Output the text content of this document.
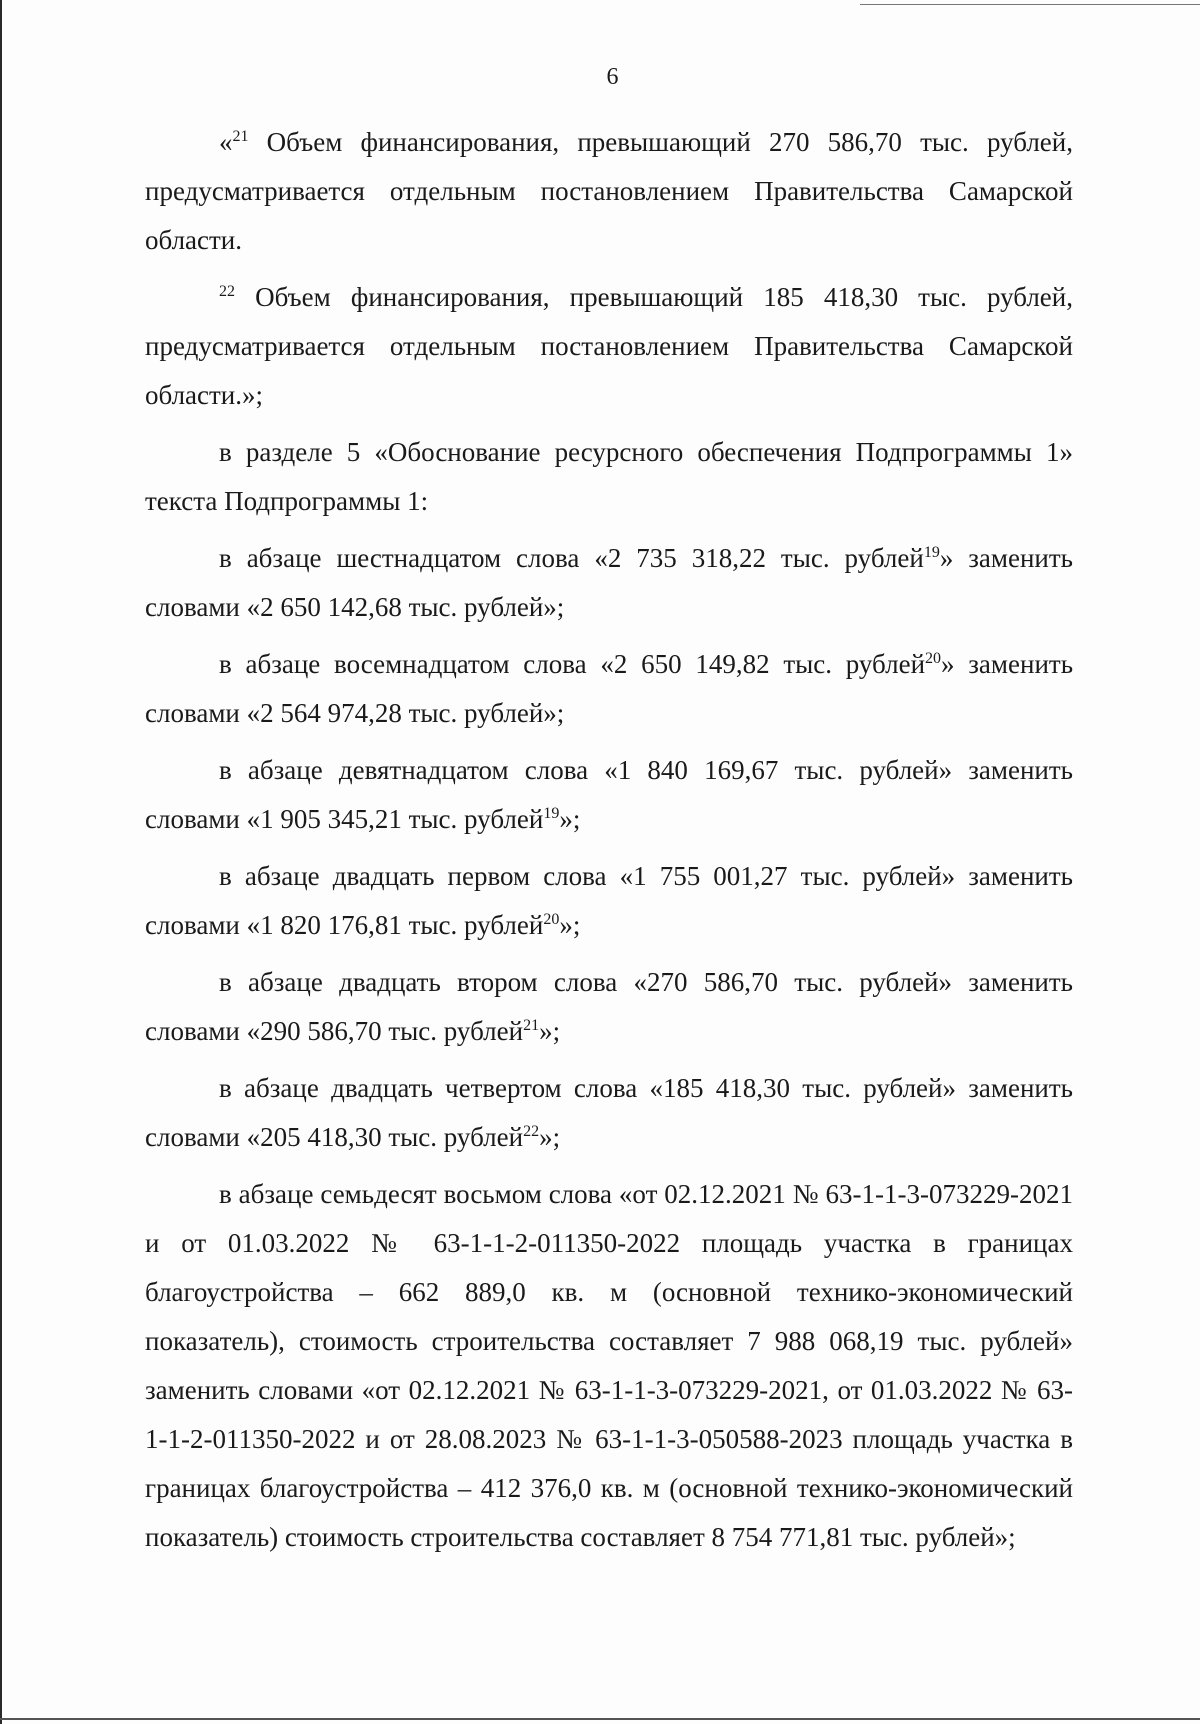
6

«$^{21}$ Объем финансирования, превышающий 270 586,70 тыс. рублей, предусматривается отдельным постановлением Правительства Самарской области.

$^{22}$ Объем финансирования, превышающий 185 418,30 тыс. рублей, предусматривается отдельным постановлением Правительства Самарской области.»;

в разделе 5 «Обоснование ресурсного обеспечения Подпрограммы 1» текста Подпрограммы 1:

в абзаце шестнадцатом слова «2 735 318,22 тыс. рублей$^{19}$» заменить словами «2 650 142,68 тыс. рублей»;

в абзаце восемнадцатом слова «2 650 149,82 тыс. рублей$^{20}$» заменить словами «2 564 974,28 тыс. рублей»;

в абзаце девятнадцатом слова «1 840 169,67 тыс. рублей» заменить словами «1 905 345,21 тыс. рублей$^{19}$»;

в абзаце двадцать первом слова «1 755 001,27 тыс. рублей» заменить словами «1 820 176,81 тыс. рублей$^{20}$»;

в абзаце двадцать втором слова «270 586,70 тыс. рублей» заменить словами «290 586,70 тыс. рублей$^{21}$»;

в абзаце двадцать четвертом слова «185 418,30 тыс. рублей» заменить словами «205 418,30 тыс. рублей$^{22}$»;

в абзаце семьдесят восьмом слова «от 02.12.2021 № 63-1-1-3-073229-2021 и от 01.03.2022 № 63-1-1-2-011350-2022 площадь участка в границах благоустройства – 662 889,0 кв. м (основной технико-экономический показатель), стоимость строительства составляет 7 988 068,19 тыс. рублей» заменить словами «от 02.12.2021 № 63-1-1-3-073229-2021, от 01.03.2022 № 63-1-1-2-011350-2022 и от 28.08.2023 № 63-1-1-3-050588-2023 площадь участка в границах благоустройства – 412 376,0 кв. м (основной технико-экономический показатель) стоимость строительства составляет 8 754 771,81 тыс. рублей»;
